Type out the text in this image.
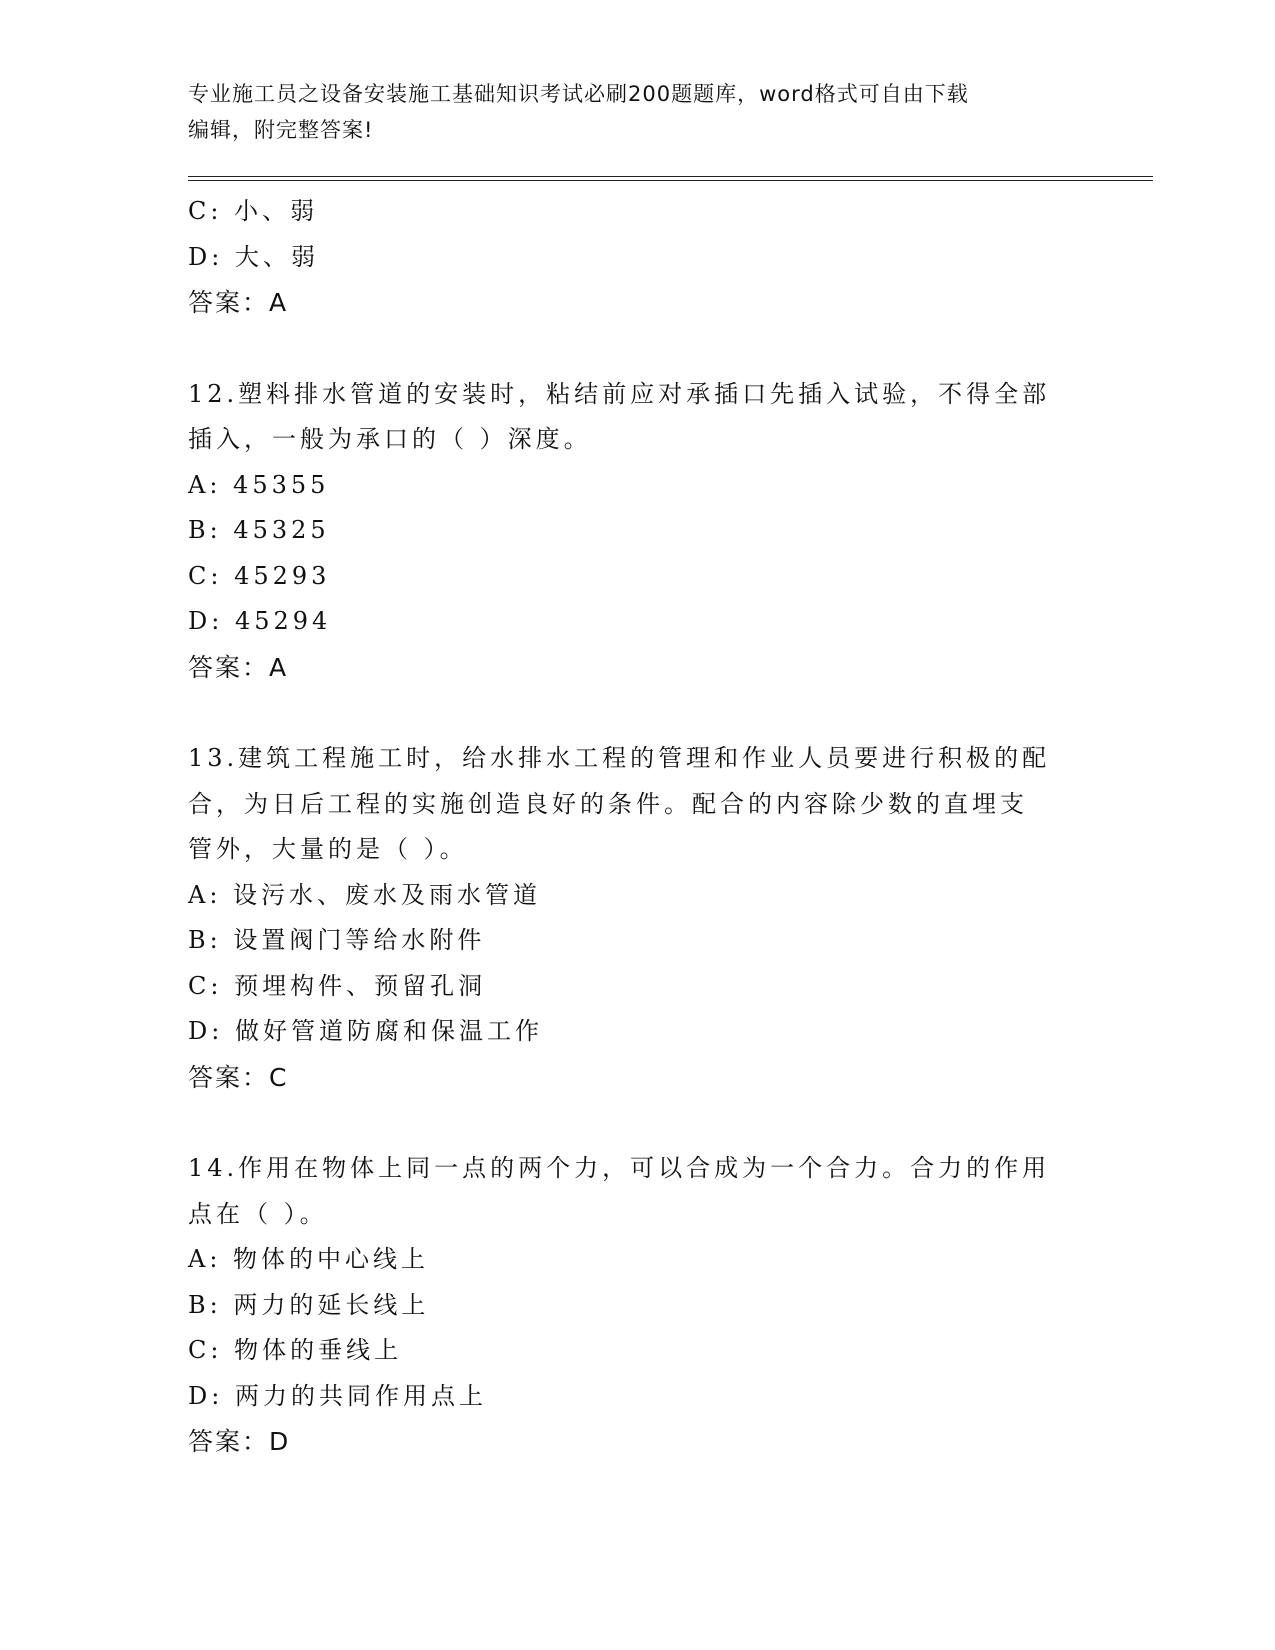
专业施工员之设备安装施工基础知识考试必刷200题题库，word格式可自由下载
编辑，附完整答案!
C: 小、弱
D: 大、弱
答案：A
12.塑料排水管道的安装时，粘结前应对承插口先插入试验，不得全部
插入，一般为承口的（ ）深度。
A: 45355
B: 45325
C: 45293
D: 45294
答案：A
13.建筑工程施工时，给水排水工程的管理和作业人员要进行积极的配
合，为日后工程的实施创造良好的条件。配合的内容除少数的直埋支
管外，大量的是（ ）。
A: 设污水、废水及雨水管道
B: 设置阀门等给水附件
C: 预埋构件、预留孔洞
D: 做好管道防腐和保温工作
答案：C
14.作用在物体上同一点的两个力，可以合成为一个合力。合力的作用
点在（ ）。
A: 物体的中心线上
B: 两力的延长线上
C: 物体的垂线上
D: 两力的共同作用点上
答案：D
